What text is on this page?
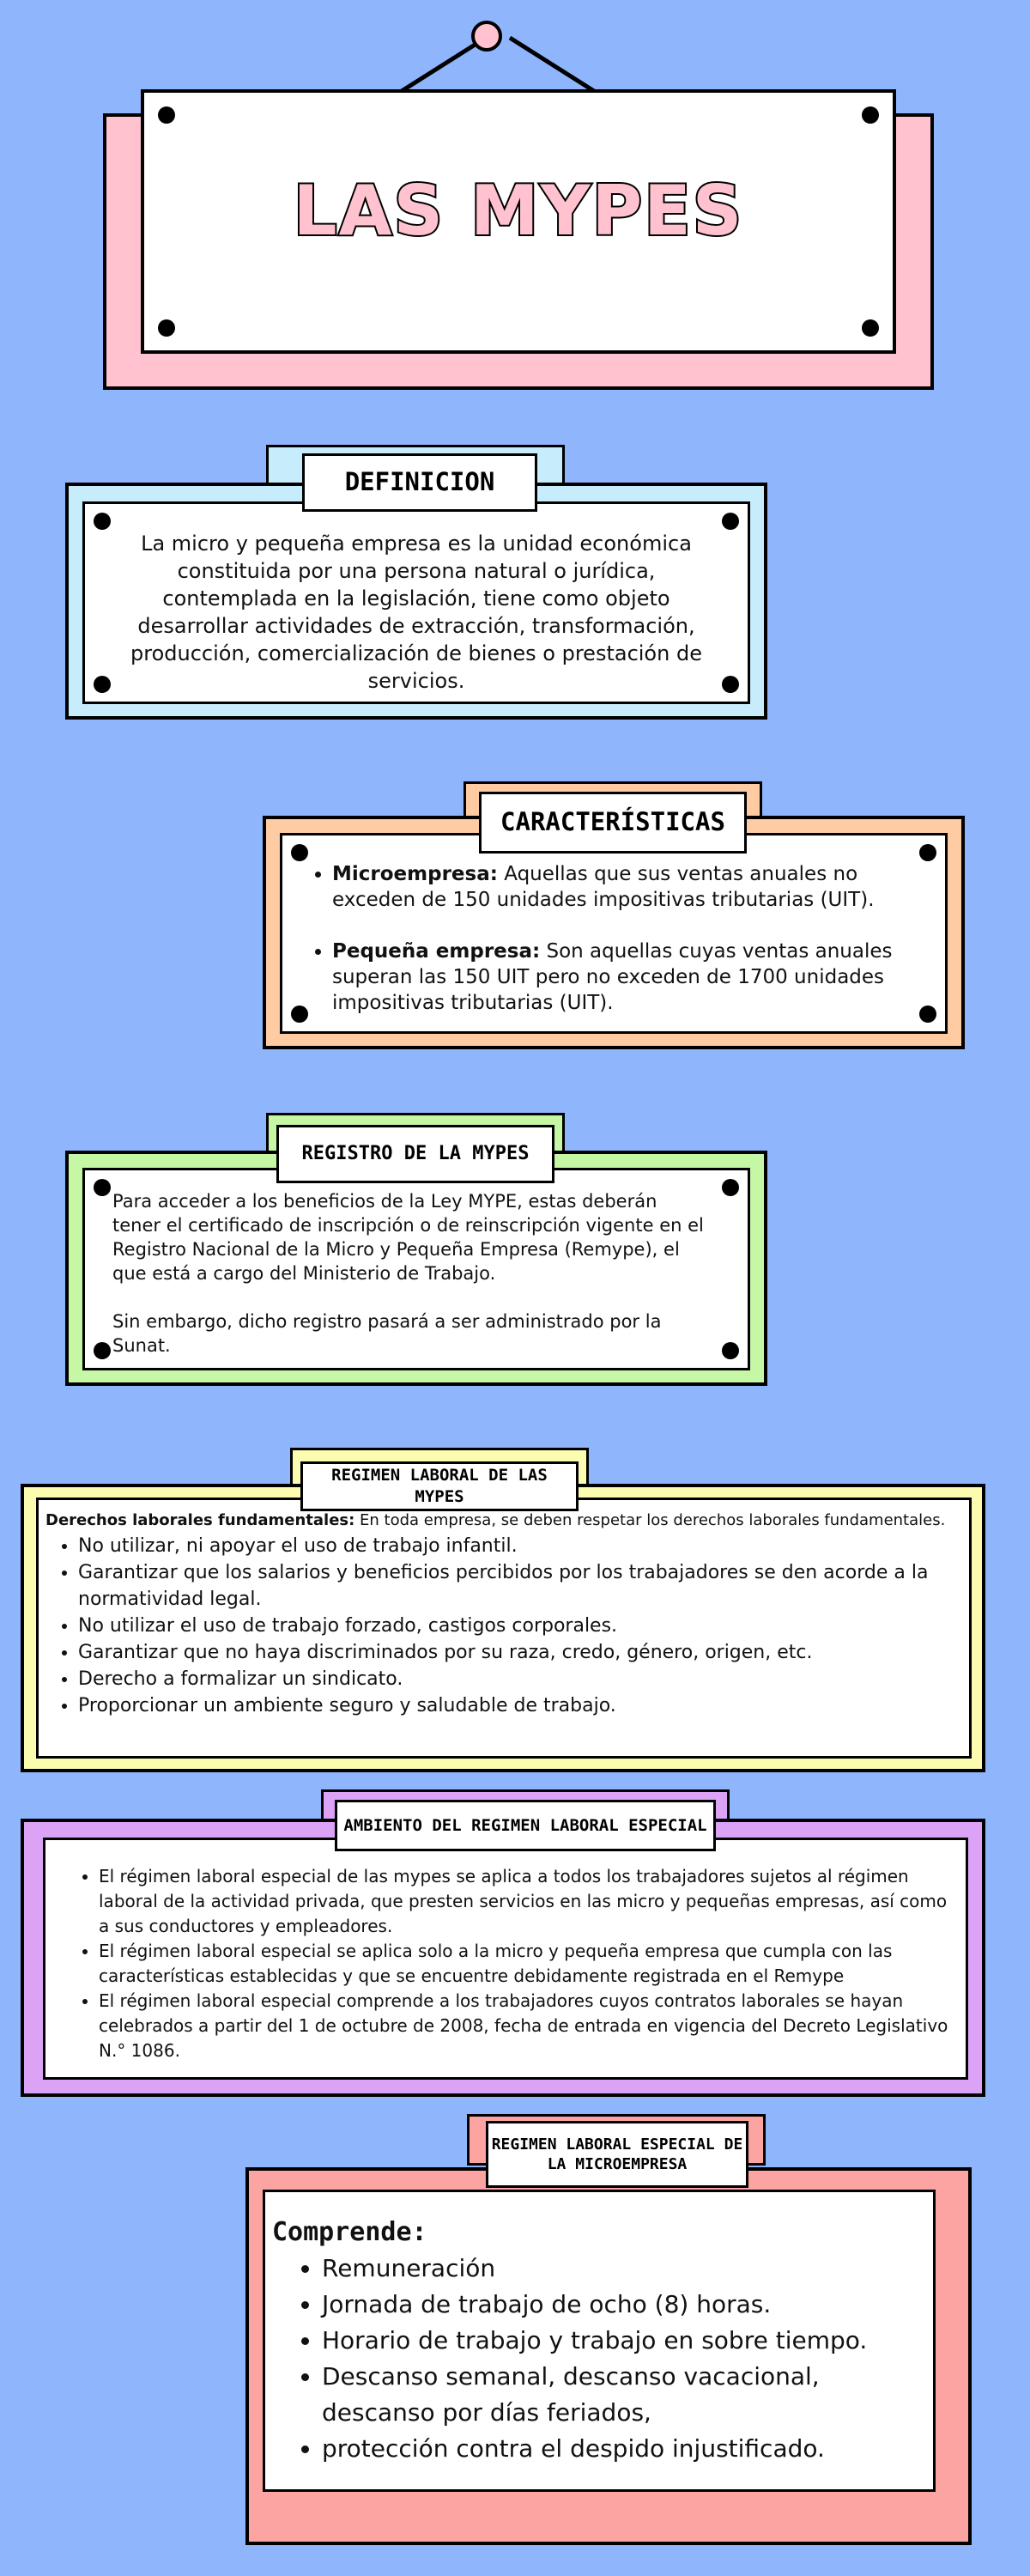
LAS MYPES

La micro y pequeña empresa es la unidad económica constituida por una persona natural o jurídica, contemplada en la legislación, tiene como objeto desarrollar actividades de extracción, transformación, producción, comercialización de bienes o prestación de servicios.

DEFINICION
• Microempresa: Aquellas que sus ventas anuales no exceden de 150 unidades impositivas tributarias (UIT).
• Pequeña empresa: Son aquellas cuyas ventas anuales superan las 150 UIT pero no exceden de 1700 unidades impositivas tributarias (UIT).
CARACTERÍSTICAS

Para acceder a los beneficios de la Ley MYPE, estas deberán tener el certificado de inscripción o de reinscripción vigente en el Registro Nacional de la Micro y Pequeña Empresa (Remype), el que está a cargo del Ministerio de Trabajo.

Sin embargo, dicho registro pasará a ser administrado por la Sunat.

REGISTRO DE LA MYPES

Derechos laborales fundamentales: En toda empresa, se deben respetar los derechos laborales fundamentales.

• No utilizar, ni apoyar el uso de trabajo infantil.
• Garantizar que los salarios y beneficios percibidos por los trabajadores se den acorde a la normatividad legal.
• No utilizar el uso de trabajo forzado, castigos corporales.
• Garantizar que no haya discriminados por su raza, credo, género, origen, etc.
• Derecho a formalizar un sindicato.
• Proporcionar un ambiente seguro y saludable de trabajo.
REGIMEN LABORAL DE LAS MYPES
• El régimen laboral especial de las mypes se aplica a todos los trabajadores sujetos al régimen laboral de la actividad privada, que presten servicios en las micro y pequeñas empresas, así como a sus conductores y empleadores.
• El régimen laboral especial se aplica solo a la micro y pequeña empresa que cumpla con las características establecidas y que se encuentre debidamente registrada en el Remype
• El régimen laboral especial comprende a los trabajadores cuyos contratos laborales se hayan celebrados a partir del 1 de octubre de 2008, fecha de entrada en vigencia del Decreto Legislativo N.° 1086.
AMBIENTO DEL REGIMEN LABORAL ESPECIAL
Comprende:
• Remuneración
• Jornada de trabajo de ocho (8) horas.
• Horario de trabajo y trabajo en sobre tiempo.
• Descanso semanal, descanso vacacional, descanso por días feriados,
• protección contra el despido injustificado.
REGIMEN LABORAL ESPECIAL DE
LA MICROEMPRESA
